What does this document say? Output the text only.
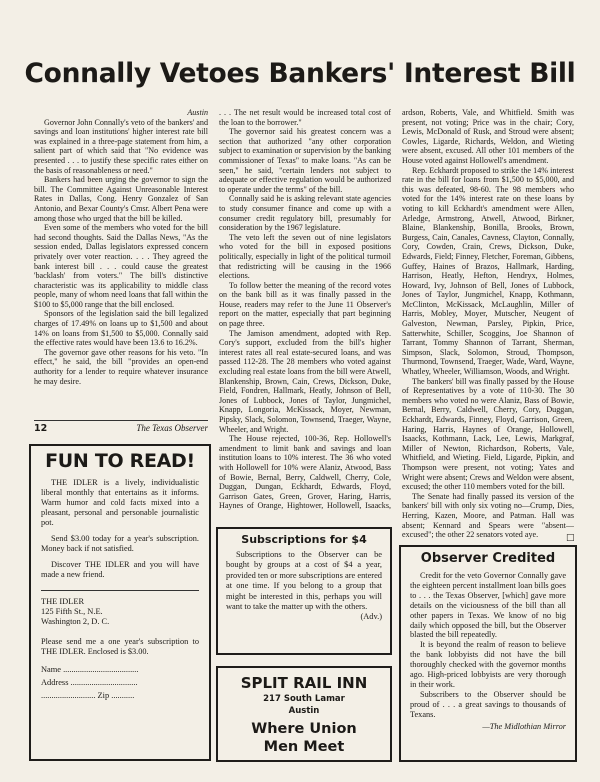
Connally Vetoes Bankers' Interest Bill
Austin

Governor John Connally's veto of the bankers' and savings and loan institutions' higher interest rate bill was explained in a three-page statement from him, a salient part of which said that "No evidence was presented . . . to justify these specific rates either on the basis of reasonableness or need."

Bankers had been urging the governor to sign the bill. The Committee Against Unreasonable Interest Rates in Dallas, Cong. Henry Gonzalez of San Antonio, and Bexar County's Cmsr. Albert Pena were among those who urged that the bill be killed.

Even some of the members who voted for the bill had second thoughts. Said the Dallas News, "As the session ended, Dallas legislators expressed concern privately over voter reaction. . . . They agreed the bank interest bill . . . could cause the greatest 'backlash' from voters." The bill's distinctive characteristic was its applicability to middle class people, many of whom need loans that fall within the $100 to $5,000 range that the bill enclosed.

Sponsors of the legislation said the bill legalized charges of 17.49% on loans up to $1,500 and about 14% on loans from $1,500 to $5,000. Connally said the effective rates would have been 13.6 to 16.2%.

The governor gave other reasons for his veto. "In effect," he said, the bill "provides an open-end authority for a lender to require whatever insurance he may desire.

12	The Texas Observer

. . . The net result would be increased total cost of the loan to the borrower."

The governor said his greatest concern was a section that authorized "any other corporation subject to examination or supervision by the banking commissioner of Texas" to make loans. "As can be seen," he said, "certain lenders not subject to adequate or effective regulation would be authorized to operate under the terms" of the bill.

Connally said he is asking relevant state agencies to study consumer finance and come up with a consumer credit regulatory bill, presumably for consideration by the 1967 legislature.

The veto left the seven out of nine legislators who voted for the bill in exposed positions politically, especially in light of the political turmoil that redistricting will be causing in the 1966 elections.

To follow better the meaning of the record votes on the bank bill as it was finally passed in the House, readers may refer to the June 11 Observer's report on the matter, especially that part beginning on page three.

The Jamison amendment, adopted with Rep. Cory's support, excluded from the bill's higher interest rates all real estate-secured loans, and was passed 112-28. The 28 members who voted against excluding real estate loans from the bill were Atwell, Blankenship, Brown, Cain, Crews, Dickson, Duke, Field, Fondren, Hallmark, Heatly, Johnson of Bell, Jones of Lubbock, Jones of Taylor, Jungmichel, Knapp, Longoria, McKissack, Moyer, Newman, Pipsky, Slack, Solomon, Townsend, Traeger, Wayne, Wheeler, and Wright.

The House rejected, 100-36, Rep. Hollowell's amendment to limit bank and savings and loan institution loans to 10% interest. The 36 who voted with Hollowell for 10% were Alaniz, Atwood, Bass of Bowie, Bernal, Berry, Caldwell, Cherry, Cole, Duggan, Dungan, Eckhardt, Edwards, Floyd, Garrison Gates, Green, Grover, Haring, Harris, Haynes of Orange, Hightower, Hollowell, Isaacks,

ardson, Roberts, Vale, and Whitfield. Smith was present, not voting; Price was in the chair; Cory, Lewis, McDonald of Rusk, and Stroud were absent; Cowles, Ligarde, Richards, Weldon, and Wieting were absent, excused. All other 101 members of the House voted against Hollowell's amendment.

Rep. Eckhardt proposed to strike the 14% interest rate in the bill for loans from $1,500 to $5,000, and this was defeated, 98-60. The 98 members who voted for the 14% interest rate on these loans by voting to kill Eckhardt's amendment were Allen, Arledge, Armstrong, Atwell, Atwood, Birkner, Blaine, Blankenship, Bonilla, Brooks, Brown, Burgess, Cain, Canales, Cavness, Clayton, Connally, Cory, Cowden, Crain, Crews, Dickson, Duke, Edwards, Field; Finney, Fletcher, Foreman, Gibbens, Guffey, Haines of Brazos, Hallmark, Harding, Harrison, Heatly, Hefton, Hendryx, Holmes, Howard, Ivy, Johnson of Bell, Jones of Lubbock, Jones of Taylor, Jungmichel, Knapp, Kothmann, McClinton, McKissack, McLaughlin, Miller of Harris, Mobley, Moyer, Mutscher, Neugent of Galveston, Newman, Parsley, Pipkin, Price, Satterwhite, Schiller, Scoggins, Joe Shannon of Tarrant, Tommy Shannon of Tarrant, Sherman, Simpson, Slack, Solomon, Stroud, Thompson, Thurmond, Townsend, Traeger, Wade, Ward, Wayne, Whatley, Wheeler, Williamson, Woods, and Wright.

The bankers' bill was finally passed by the House of Representatives by a vote of 110-30. The 30 members who voted no were Alaniz, Bass of Bowie, Bernal, Berry, Caldwell, Cherry, Cory, Duggan, Eckhardt, Edwards, Finney, Floyd, Garrison, Green, Haring, Harris, Haynes of Orange, Hollowell, Isaacks, Kothmann, Lack, Lee, Lewis, Markgraf, Miller of Newton, Richardson, Roberts, Vale, Whitfield, and Wieting. Field, Ligarde, Pipkin, and Thompson were present, not voting; Yates and Wright were absent; Crews and Weldon were absent, excused; the other 110 members voted for the bill.

The Senate had finally passed its version of the bankers' bill with only six voting no—Crump, Dies, Herring, Kazen, Moore, and Patman. Hall was absent; Kennard and Spears were "absent—excused"; the other 22 senators voted aye.	□
FUN TO READ!

THE IDLER is a lively, individualistic liberal monthly that entertains as it informs. Warm humor and cold facts mixed into a pleasant, personal and personable journalistic pot.

Send $3.00 today for a year's subscription. Money back if not satisfied.

Discover THE IDLER and you will have made a new friend.

THE IDLER
125 Fifth St., N.E.
Washington 2, D. C.

Please send me a one year's subscription to THE IDLER. Enclosed is $3.00.

Name ....................................
Address ................................
.......................... Zip ...........
Subscriptions for $4
Subscriptions to the Observer can be bought by groups at a cost of $4 a year, provided ten or more subscriptions are entered at one time. If you belong to a group that might be interested in this, perhaps you will want to take the matter up with the others.
(Adv.)
SPLIT RAIL INN
217 South Lamar
Austin
Where Union
Men Meet
Observer Credited

Credit for the veto Governor Connally gave the eighteen percent installment loan bills goes to . . . the Texas Observer, [which] gave more details on the viciousness of the bill than all other papers in Texas. We know of no big daily which opposed the bill, but the Observer blasted the bill repeatedly.

It is beyond the realm of reason to believe the bank lobbyists did not have the bill thoroughly checked with the governor months ago. High-priced lobbyists are very thorough in their work.

Subscribers to the Observer should be proud of . . . a great savings to thousands of Texans.

—The Midlothian Mirror
